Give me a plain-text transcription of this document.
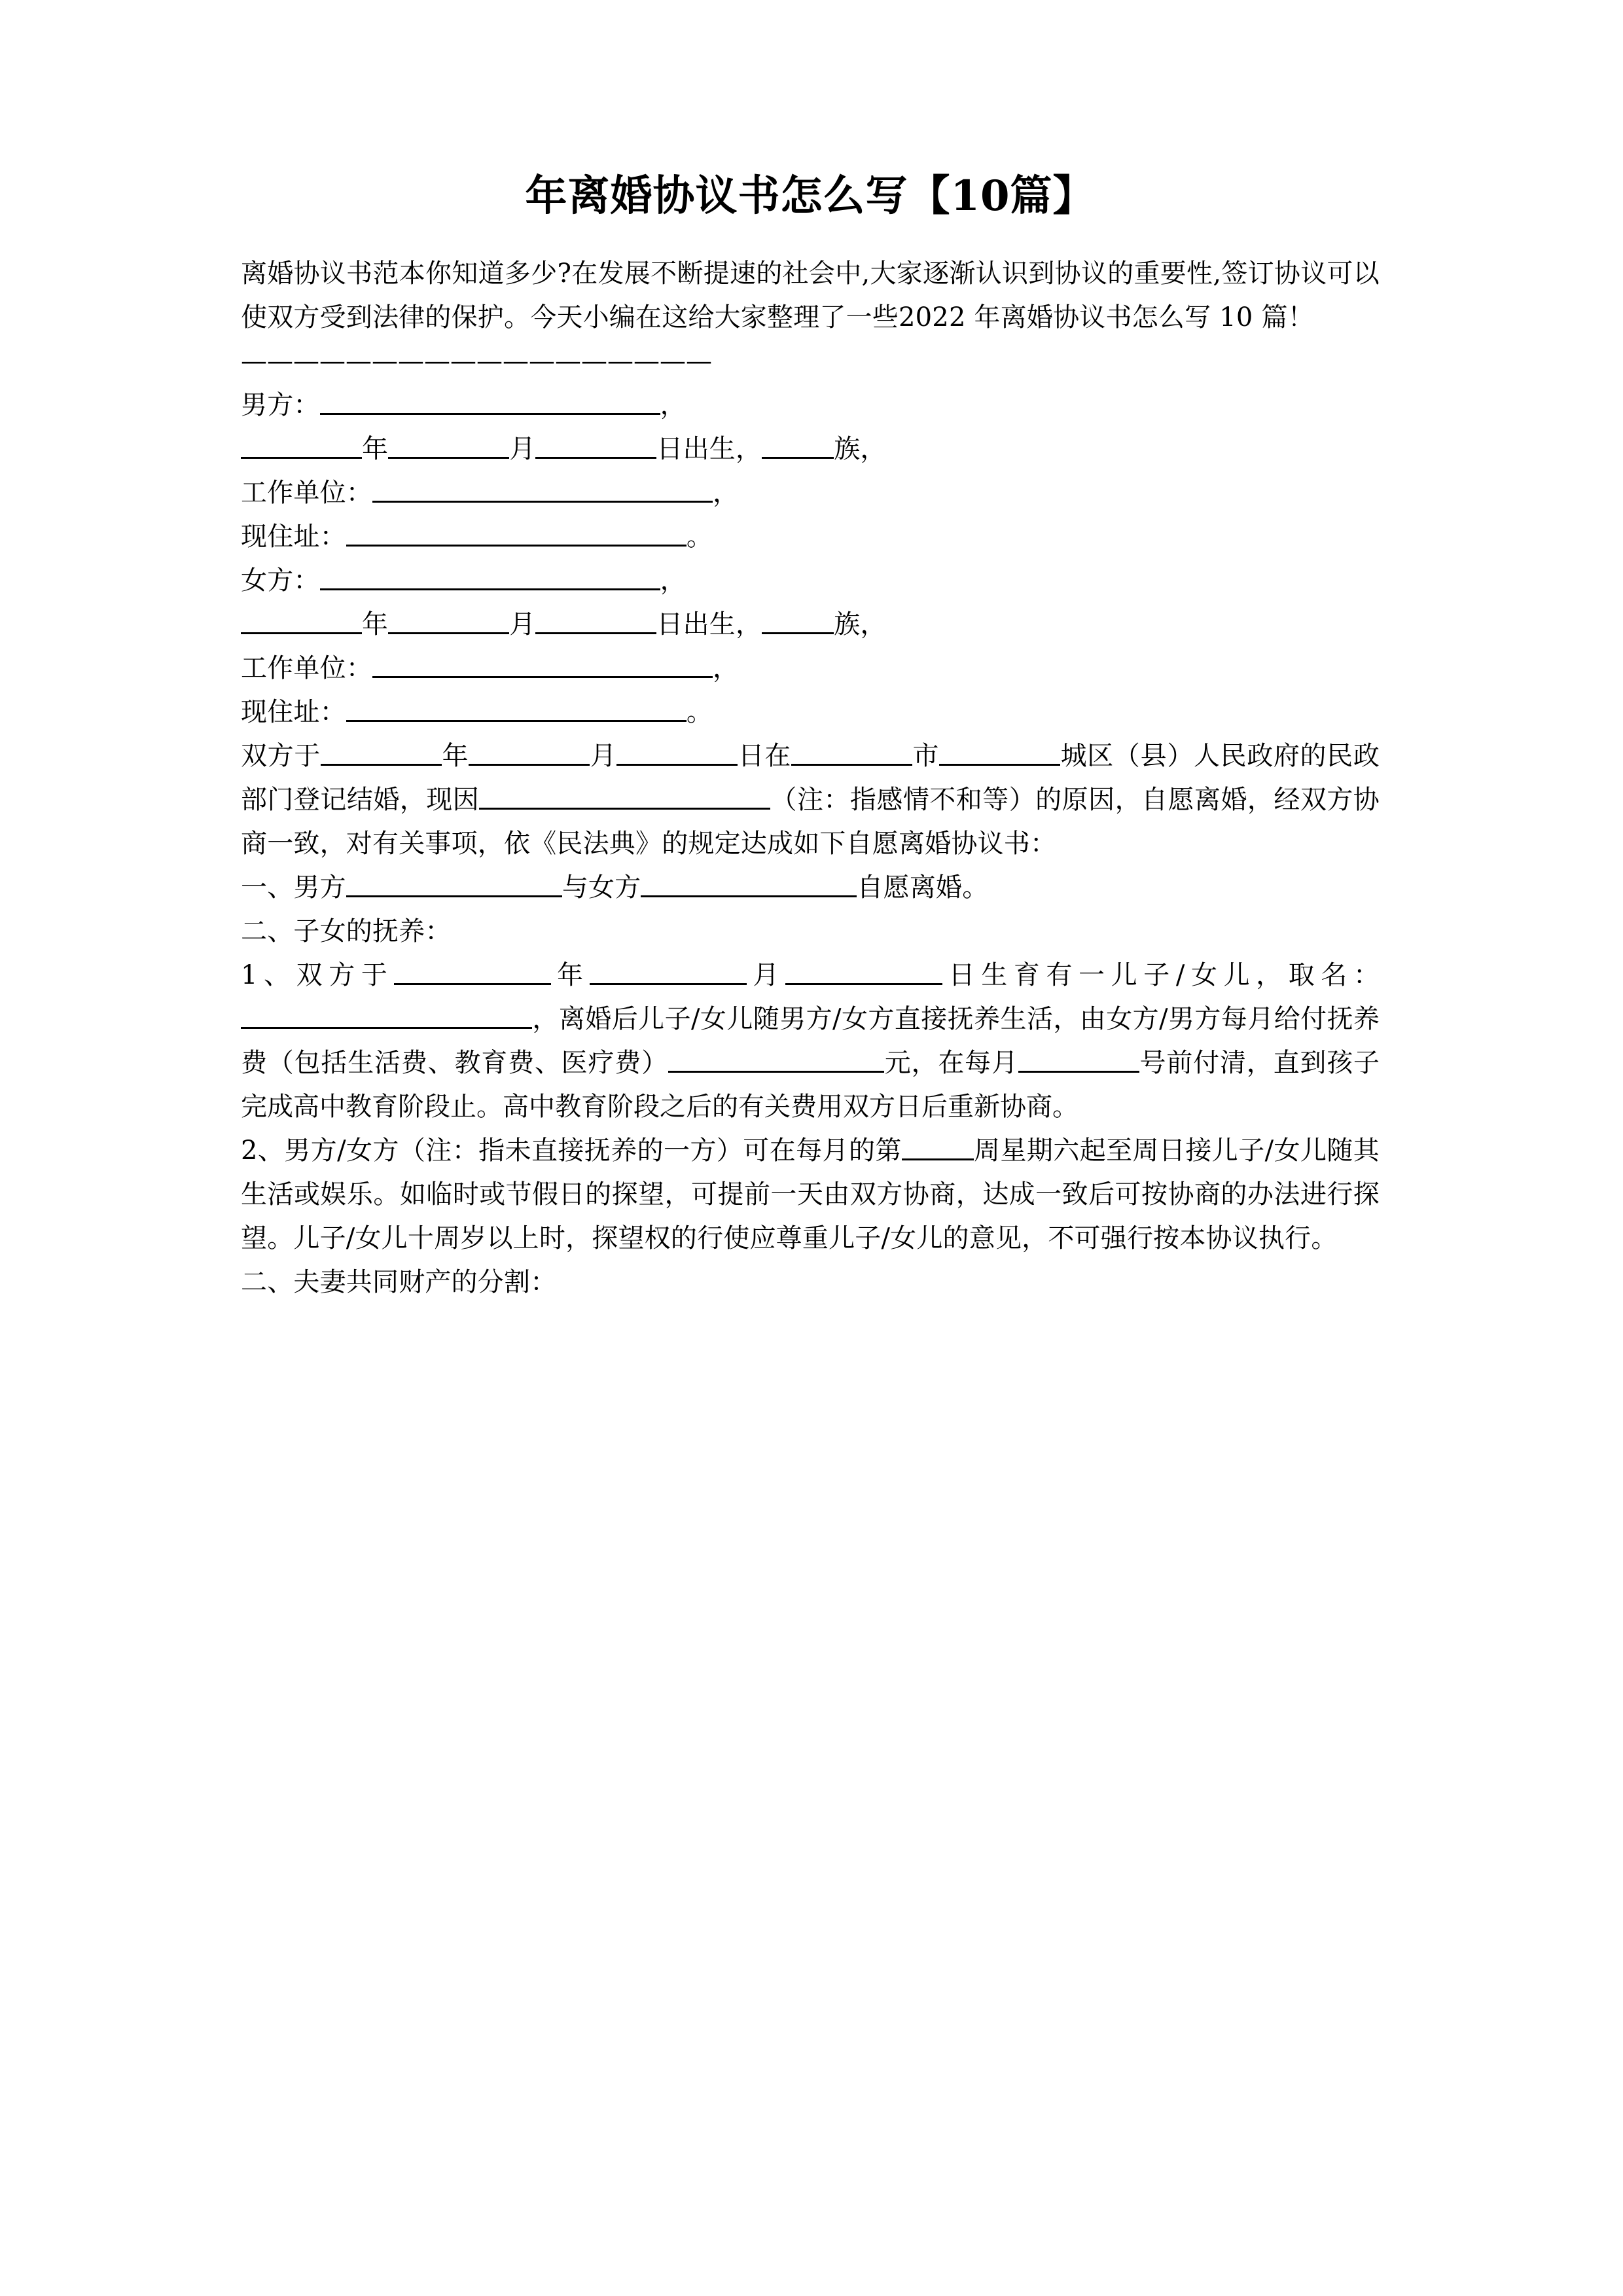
年离婚协议书怎么写【10篇】

离婚协议书范本你知道多少?在发展不断提速的社会中,大家逐渐认识到协议的重要性,签订协议可以使双方受到法律的保护。今天小编在这给大家整理了一些2022 年离婚协议书怎么写 10 篇！

——————————————————

男方：	，

年	月	日出生，	族，

工作单位：	，

现住址：	。

女方：	，

年	月	日出生，	族，

工作单位：	，

现住址：	。

双方于	年	月	日在	市	城区（县）人民政府的民政部门登记结婚，现因	（注：指感情不和等）的原因，自愿离婚，经双方协商一致，对有关事项，依《民法典》的规定达成如下自愿离婚协议书：

一、男方	与女方	自愿离婚。

二、子女的抚养：

1、双方于	年	月	日生育有一儿子/女儿，取名：，离婚后儿子/女儿随男方/女方直接抚养生活，由女方/男方每月给付抚养费（包括生活费、教育费、医疗费）	元，在每月	号前付清，直到孩子完成高中教育阶段止。高中教育阶段之后的有关费用双方日后重新协商。

2、男方/女方（注：指未直接抚养的一方）可在每月的第	周星期六起至周日接儿子/女儿随其生活或娱乐。如临时或节假日的探望，可提前一天由双方协商，达成一致后可按协商的办法进行探望。儿子/女儿十周岁以上时，探望权的行使应尊重儿子/女儿的意见，不可强行按本协议执行。

二、夫妻共同财产的分割：
